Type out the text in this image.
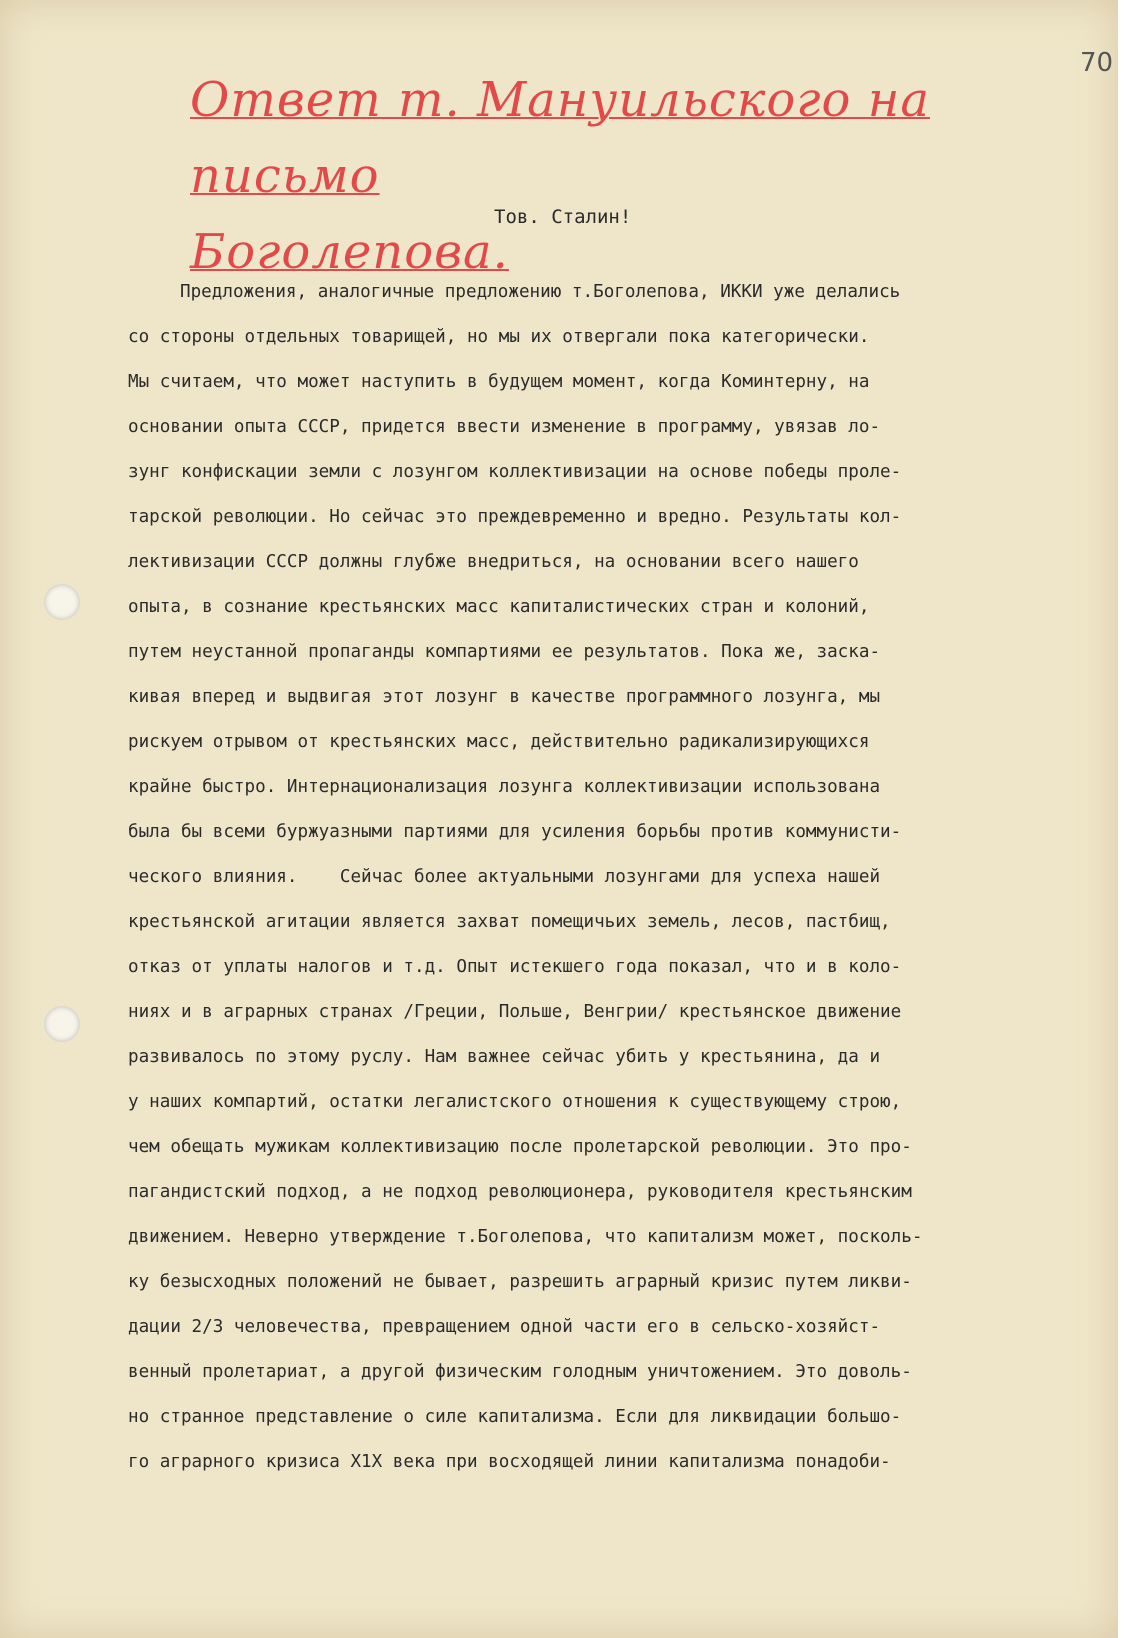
70
Ответ т. Мануильского на письмо
Боголепова.
Тов. Сталин!
Предложения, аналогичные предложению т.Боголепова, ИККИ уже делались
со стороны отдельных товарищей, но мы их отвергали пока категорически.
Мы считаем, что может наступить в будущем момент, когда Коминтерну, на
основании опыта СССР, придется ввести изменение в программу, увязав ло-
зунг конфискации земли с лозунгом коллективизации на основе победы проле-
тарской революции. Но сейчас это преждевременно и вредно. Результаты кол-
лективизации СССР должны глубже внедриться, на основании всего нашего
опыта, в сознание крестьянских масс капиталистических стран и колоний,
путем неустанной пропаганды компартиями ее результатов. Пока же, заска-
кивая вперед и выдвигая этот лозунг в качестве программного лозунга, мы
рискуем отрывом от крестьянских масс, действительно радикализирующихся
крайне быстро. Интернационализация лозунга коллективизации использована
была бы всеми буржуазными партиями для усиления борьбы против коммунисти-
ческого влияния.    Сейчас более актуальными лозунгами для успеха нашей
крестьянской агитации является захват помещичьих земель, лесов, пастбищ,
отказ от уплаты налогов и т.д. Опыт истекшего года показал, что и в коло-
ниях и в аграрных странах /Греции, Польше, Венгрии/ крестьянское движение
развивалось по этому руслу. Нам важнее сейчас убить у крестьянина, да и
у наших компартий, остатки легалистского отношения к существующему строю,
чем обещать мужикам коллективизацию после пролетарской революции. Это про-
пагандистский подход, а не подход революционера, руководителя крестьянским
движением. Неверно утверждение т.Боголепова, что капитализм может, посколь-
ку безысходных положений не бывает, разрешить аграрный кризис путем ликви-
дации 2/3 человечества, превращением одной части его в сельско-хозяйст-
венный пролетариат, а другой физическим голодным уничтожением. Это доволь-
но странное представление о силе капитализма. Если для ликвидации большо-
го аграрного кризиса Х1Х века при восходящей линии капитализма понадоби-
